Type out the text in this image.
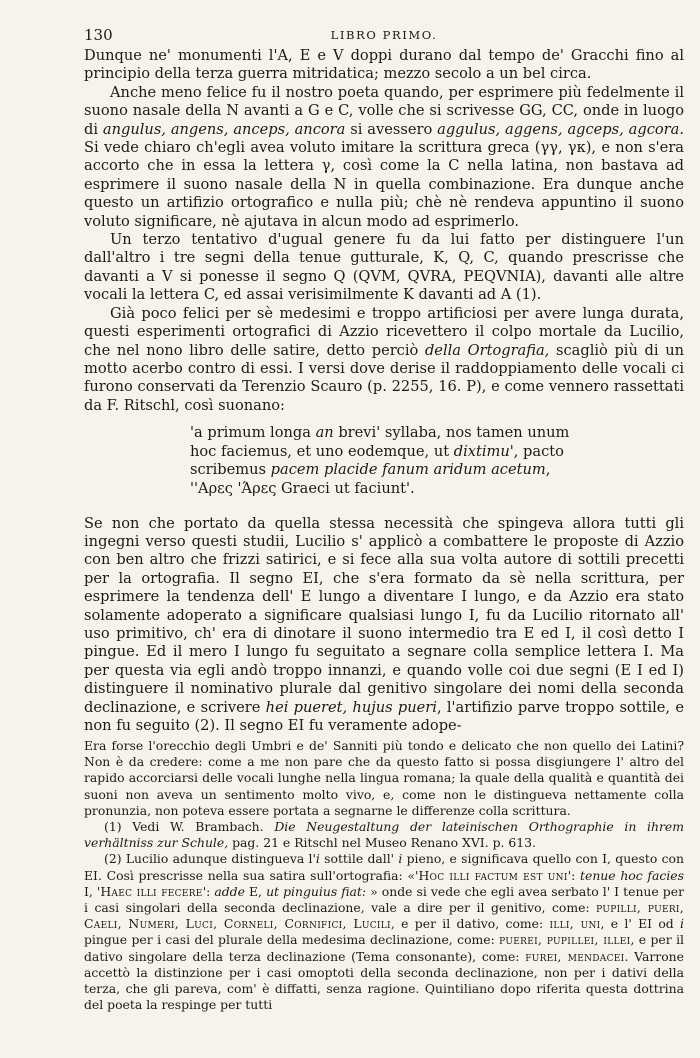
130	LIBRO PRIMO.

Dunque ne' monumenti l'A, E e V doppi durano dal tempo de' Gracchi fino al principio della terza guerra mitridatica; mezzo secolo a un bel circa.

Anche meno felice fu il nostro poeta quando, per esprimere più fedelmente il suono nasale della N avanti a G e C, volle che si scrivesse GG, CC, onde in luogo di angulus, angens, anceps, ancora si avessero aggulus, aggens, agceps, agcora. Si vede chiaro ch'egli avea voluto imitare la scrittura greca (γγ, γκ), e non s'era accorto che in essa la lettera γ, così come la C nella latina, non bastava ad esprimere il suono nasale della N in quella combinazione. Era dunque anche questo un artifizio ortografico e nulla più; chè nè rendeva appuntino il suono voluto significare, nè ajutava in alcun modo ad esprimerlo.

Un terzo tentativo d'ugual genere fu da lui fatto per distinguere l'un dall'altro i tre segni della tenue gutturale, K, Q, C, quando prescrisse che davanti a V si ponesse il segno Q (QVM, QVRA, PEQVNIA), davanti alle altre vocali la lettera C, ed assai verisimilmente K davanti ad A (1).

Già poco felici per sè medesimi e troppo artificiosi per avere lunga durata, questi esperimenti ortografici di Azzio ricevettero il colpo mortale da Lucilio, che nel nono libro delle satire, detto perciò della Ortografia, scagliò più di un motto acerbo contro di essi. I versi dove derise il raddoppiamento delle vocali ci furono conservati da Terenzio Scauro (p. 2255, 16. P), e come vennero rassettati da F. Ritschl, così suonano:

'a primum longa an brevi' syllaba, nos tamen unum
hoc faciemus, et uno eodemque, ut dixtimu', pacto
scribemus pacem placide fanum aridum acetum,
''Αρες 'Άρες Graeci ut faciunt'.

Se non che portato da quella stessa necessità che spingeva allora tutti gli ingegni verso questi studii, Lucilio s' applicò a combattere le proposte di Azzio con ben altro che frizzi satirici, e si fece alla sua volta autore di sottili precetti per la ortografia. Il segno EI, che s'era formato da sè nella scrittura, per esprimere la tendenza dell' E lungo a diventare I lungo, e da Azzio era stato solamente adoperato a significare qualsiasi lungo I, fu da Lucilio ritornato all' uso primitivo, ch' era di dinotare il suono intermedio tra E ed I, il così detto I pingue. Ed il mero I lungo fu seguitato a segnare colla semplice lettera I. Ma per questa via egli andò troppo innanzi, e quando volle coi due segni (E I ed I) distinguere il nominativo plurale dal genitivo singolare dei nomi della seconda declinazione, e scrivere hei pueret, hujus pueri, l'artifizio parve troppo sottile, e non fu seguito (2). Il segno EI fu veramente adope-

Era forse l'orecchio degli Umbri e de' Sanniti più tondo e delicato che non quello dei Latini? Non è da credere: come a me non pare che da questo fatto si possa disgiungere l' altro del rapido accorciarsi delle vocali lunghe nella lingua romana; la quale della qualità e quantità dei suoni non aveva un sentimento molto vivo, e, come non le distingueva nettamente colla pronunzia, non poteva essere portata a segnarne le differenze colla scrittura.

(1) Vedi W. Brambach. Die Neugestaltung der lateinischen Orthographie in ihrem verhältniss zur Schule, pag. 21 e Ritschl nel Museo Renano XVI. p. 613.

(2) Lucilio adunque distingueva l'i sottile dall' i pieno, e significava quello con I, questo con EI. Così prescrisse nella sua satira sull'ortografia: «'Hoc illi factum est uni': tenue hoc facies I, 'Haec illi fecere': adde E, ut pinguius fiat: » onde si vede che egli avea serbato l' I tenue per i casi singolari della seconda declinazione, vale a dire per il genitivo, come: pupilli, pueri, Caeli, Numeri, Luci, Corneli, Cornifici, Lucili, e per il dativo, come: illi, uni, e l' EI od i pingue per i casi del plurale della medesima declinazione, come: puerei, pupillei, illei, e per il dativo singolare della terza declinazione (Tema consonante), come: furei, mendacei. Varrone accettò la distinzione per i casi omoptoti della seconda declinazione, non per i dativi della terza, che gli pareva, com' è diffatti, senza ragione. Quintiliano dopo riferita questa dottrina del poeta la respinge per tutti
